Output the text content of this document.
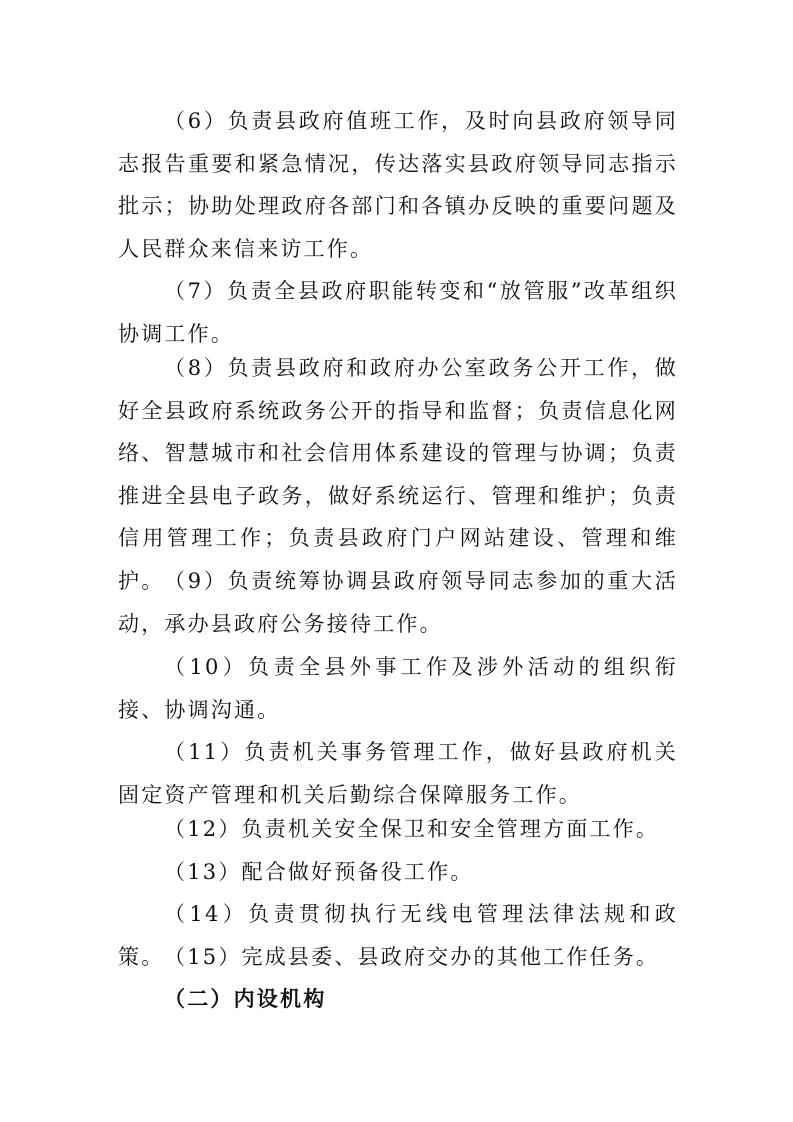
（6）负责县政府值班工作，及时向县政府领导同志报告重要和紧急情况，传达落实县政府领导同志指示批示；协助处理政府各部门和各镇办反映的重要问题及人民群众来信来访工作。

（7）负责全县政府职能转变和“放管服”改革组织协调工作。

（8）负责县政府和政府办公室政务公开工作，做好全县政府系统政务公开的指导和监督；负责信息化网络、智慧城市和社会信用体系建设的管理与协调；负责推进全县电子政务，做好系统运行、管理和维护；负责信用管理工作；负责县政府门户网站建设、管理和维护。 （9）负责统筹协调县政府领导同志参加的重大活动，承办县政府公务接待工作。

（10）负责全县外事工作及涉外活动的组织衔接、协调沟通。

（11）负责机关事务管理工作，做好县政府机关固定资产管理和机关后勤综合保障服务工作。

（12）负责机关安全保卫和安全管理方面工作。

（13）配合做好预备役工作。

（14）负责贯彻执行无线电管理法律法规和政策。 （15）完成县委、县政府交办的其他工作任务。

（二）内设机构
